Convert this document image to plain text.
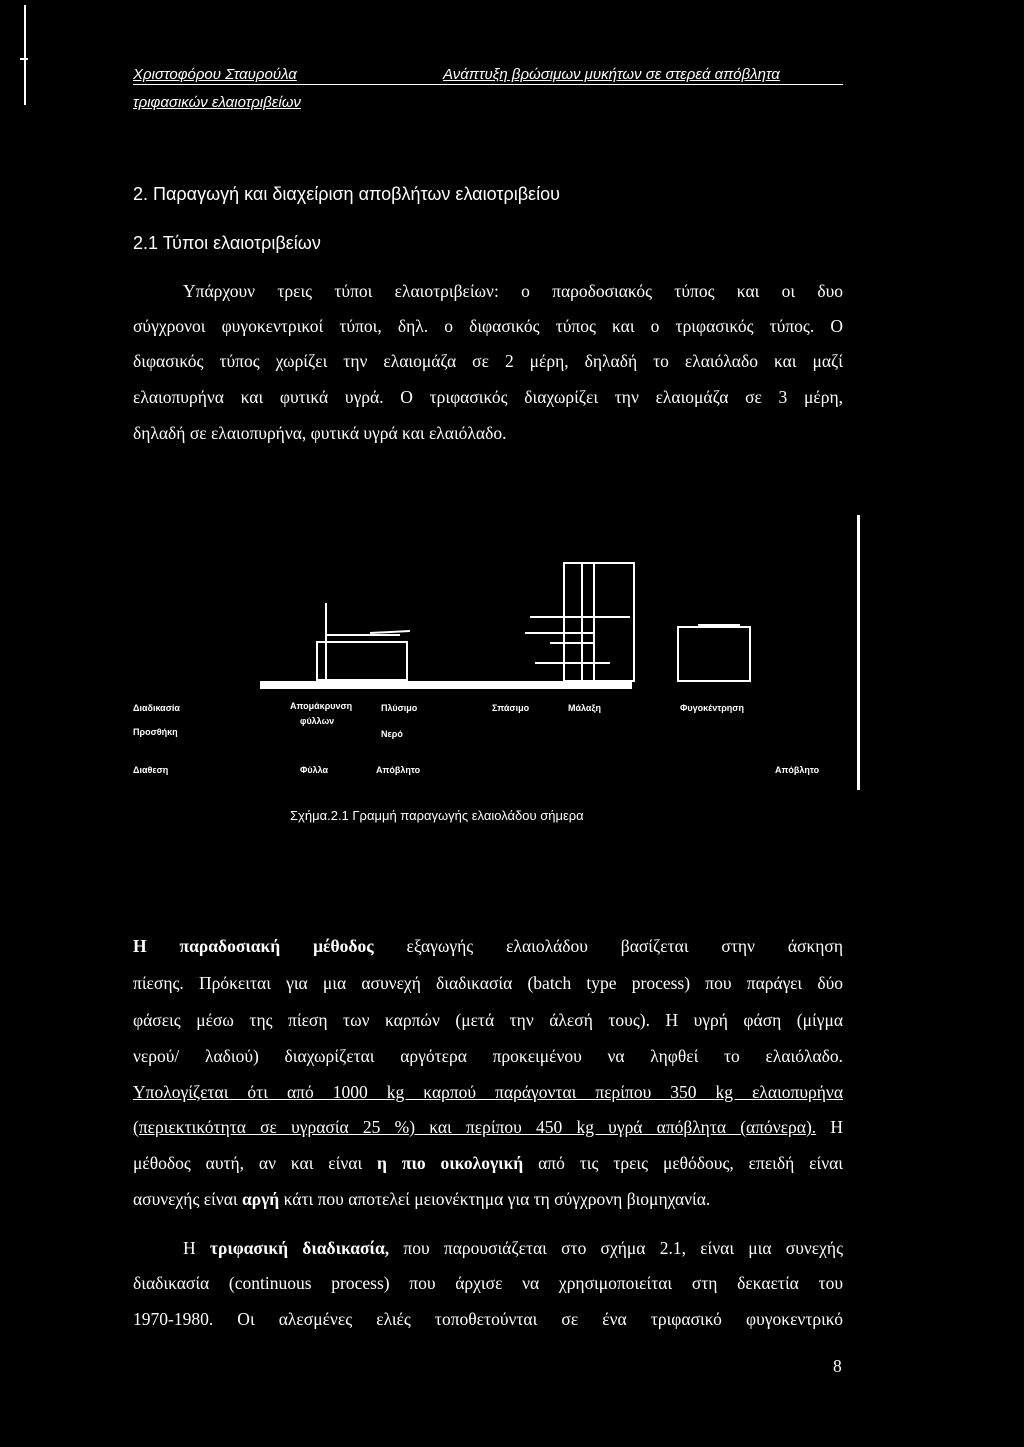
Χριστοφόρου Σταυρούλα	Ανάπτυξη βρώσιμων μυκήτων σε στερεά απόβλητα
τριφασικών ελαιοτριβείων
2. Παραγωγή και διαχείριση αποβλήτων ελαιοτριβείου
2.1 Τύποι ελαιοτριβείων
Υπάρχουν τρεις τύποι ελαιοτριβείων: ο παροδοσιακός τύπος και οι δυο
σύγχρονοι φυγοκεντρικοί τύποι, δηλ. ο διφασικός τύπος και ο τριφασικός τύπος. Ο
διφασικός τύπος χωρίζει την ελαιομάζα σε 2 μέρη, δηλαδή το ελαιόλαδο και μαζί
ελαιοπυρήνα και φυτικά υγρά. Ο τριφασικός διαχωρίζει την ελαιομάζα σε 3 μέρη,
δηλαδή σε ελαιοπυρήνα, φυτικά υγρά και ελαιόλαδο.
Διαδικασία
Προσθήκη
Διαθεση
Απομάκρυνση
φύλλων
Φύλλα
Πλύσιμο
Νερό
Απόβλητο
Σπάσιμο	Μάλαξη	Φυγοκέντρηση
Απόβλητο
Σχήμα.2.1 Γραμμή παραγωγής ελαιολάδου σήμερα
Η παραδοσιακή μέθοδος εξαγωγής ελαιολάδου βασίζεται στην άσκηση
πίεσης. Πρόκειται για μια ασυνεχή διαδικασία (batch type process) που παράγει δύο
φάσεις μέσω της πίεση των καρπών (μετά την άλεσή τους). Η υγρή φάση (μίγμα
νερού/ λαδιού) διαχωρίζεται αργότερα προκειμένου να ληφθεί το ελαιόλαδο.
Υπολογίζεται ότι από 1000 kg καρπού παράγονται περίπου 350 kg ελαιοπυρήνα
(περιεκτικότητα σε υγρασία 25 %) και περίπου 450 kg υγρά απόβλητα (απόνερα). Η
μέθοδος αυτή, αν και είναι η πιο οικολογική από τις τρεις μεθόδους, επειδή είναι
ασυνεχής είναι αργή κάτι που αποτελεί μειονέκτημα για τη σύγχρονη βιομηχανία.
Η τριφασική διαδικασία, που παρουσιάζεται στο σχήμα 2.1, είναι μια συνεχής
διαδικασία (continuous process) που άρχισε να χρησιμοποιείται στη δεκαετία του
1970-1980. Οι αλεσμένες ελιές τοποθετούνται σε ένα τριφασικό φυγοκεντρικό
8
